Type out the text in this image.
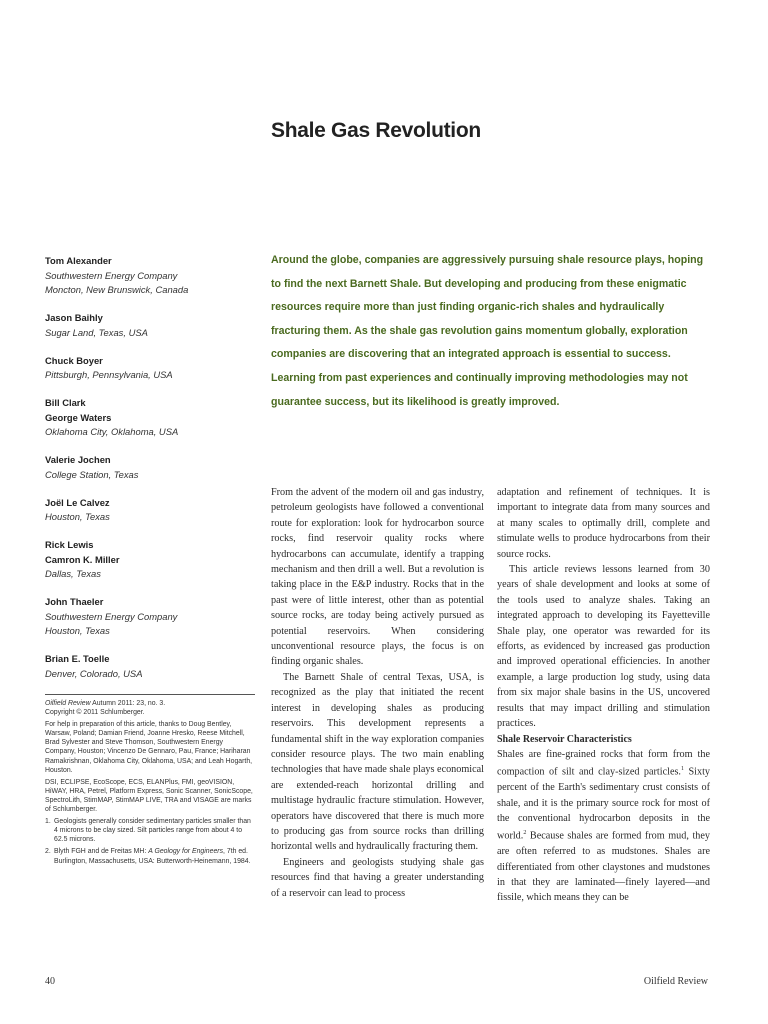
Shale Gas Revolution
Tom Alexander
Southwestern Energy Company
Moncton, New Brunswick, Canada
Jason Baihly
Sugar Land, Texas, USA
Chuck Boyer
Pittsburgh, Pennsylvania, USA
Bill Clark
George Waters
Oklahoma City, Oklahoma, USA
Valerie Jochen
College Station, Texas
Joël Le Calvez
Houston, Texas
Rick Lewis
Camron K. Miller
Dallas, Texas
John Thaeler
Southwestern Energy Company
Houston, Texas
Brian E. Toelle
Denver, Colorado, USA

Oilfield Review Autumn 2011: 23, no. 3.
Copyright © 2011 Schlumberger.

For help in preparation of this article, thanks to Doug Bentley, Warsaw, Poland; Damian Friend, Joanne Hresko, Reese Mitchell, Brad Sylvester and Steve Thomson, Southwestern Energy Company, Houston; Vincenzo De Gennaro, Pau, France; Hariharan Ramakrishnan, Oklahoma City, Oklahoma, USA; and Leah Hogarth, Houston.

DSI, ECLIPSE, EcoScope, ECS, ELANPlus, FMI, geoVISION, HiWAY, HRA, Petrel, Platform Express, Sonic Scanner, SonicScope, SpectroLith, StimMAP, StimMAP LIVE, TRA and VISAGE are marks of Schlumberger.

1. Geologists generally consider sedimentary particles smaller than 4 microns to be clay sized. Silt particles range from about 4 to 62.5 microns.
2. Blyth FGH and de Freitas MH: A Geology for Engineers, 7th ed. Burlington, Massachusetts, USA: Butterworth-Heinemann, 1984.
Around the globe, companies are aggressively pursuing shale resource plays, hoping to find the next Barnett Shale. But developing and producing from these enigmatic resources require more than just finding organic-rich shales and hydraulically fracturing them. As the shale gas revolution gains momentum globally, exploration companies are discovering that an integrated approach is essential to success. Learning from past experiences and continually improving methodologies may not guarantee success, but its likelihood is greatly improved.

From the advent of the modern oil and gas industry, petroleum geologists have followed a conventional route for exploration: look for hydrocarbon source rocks, find reservoir quality rocks where hydrocarbons can accumulate, identify a trapping mechanism and then drill a well. But a revolution is taking place in the E&P industry. Rocks that in the past were of little interest, other than as potential source rocks, are today being actively pursued as potential reservoirs. When considering unconventional resource plays, the focus is on finding organic shales.

The Barnett Shale of central Texas, USA, is recognized as the play that initiated the recent interest in developing shales as producing reservoirs. This development represents a fundamental shift in the way exploration companies consider resource plays. The two main enabling technologies that have made shale plays economical are extended-reach horizontal drilling and multistage hydraulic fracture stimulation. However, operators have discovered that there is much more to producing gas from source rocks than drilling horizontal wells and hydraulically fracturing them.

Engineers and geologists studying shale gas resources find that having a greater understanding of a reservoir can lead to process

adaptation and refinement of techniques. It is important to integrate data from many sources and at many scales to optimally drill, complete and stimulate wells to produce hydrocarbons from their source rocks.

This article reviews lessons learned from 30 years of shale development and looks at some of the tools used to analyze shales. Taking an integrated approach to developing its Fayetteville Shale play, one operator was rewarded for its efforts, as evidenced by increased gas production and improved operational efficiencies. In another example, a large production log study, using data from six major shale basins in the US, uncovered results that may impact drilling and stimulation practices.

Shale Reservoir Characteristics

Shales are fine-grained rocks that form from the compaction of silt and clay-sized particles.$^1$ Sixty percent of the Earth's sedimentary crust consists of shale, and it is the primary source rock for most of the conventional hydrocarbon deposits in the world.$^2$ Because shales are formed from mud, they are often referred to as mudstones. Shales are differentiated from other claystones and mudstones in that they are laminated—finely layered—and fissile, which means they can be

40	Oilfield Review
